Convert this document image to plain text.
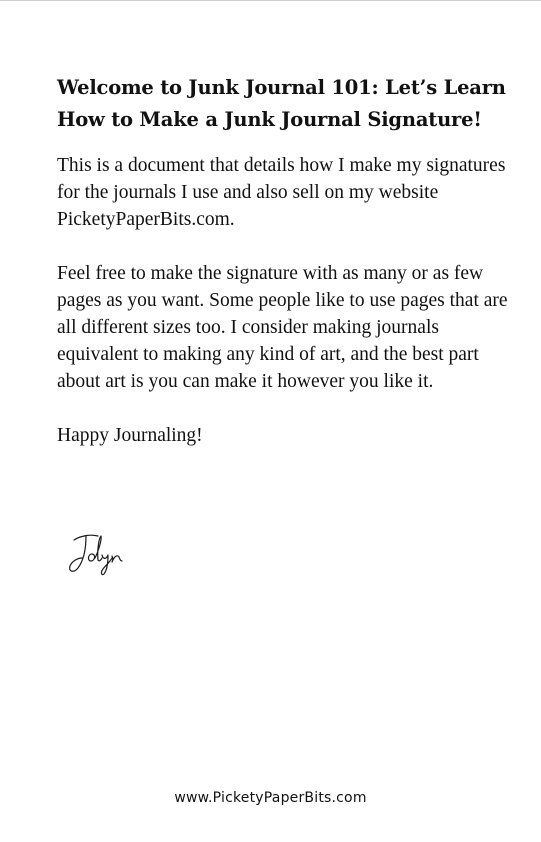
Welcome to Junk Journal 101: Let’s Learn How to Make a Junk Journal Signature!

This is a document that details how I make my signatures for the journals I use and also sell on my website PicketyPaperBits.com.

Feel free to make the signature with as many or as few pages as you want. Some people like to use pages that are all different sizes too. I consider making journals equivalent to making any kind of art, and the best part about art is you can make it however you like it.

Happy Journaling!

www.PicketyPaperBits.com
